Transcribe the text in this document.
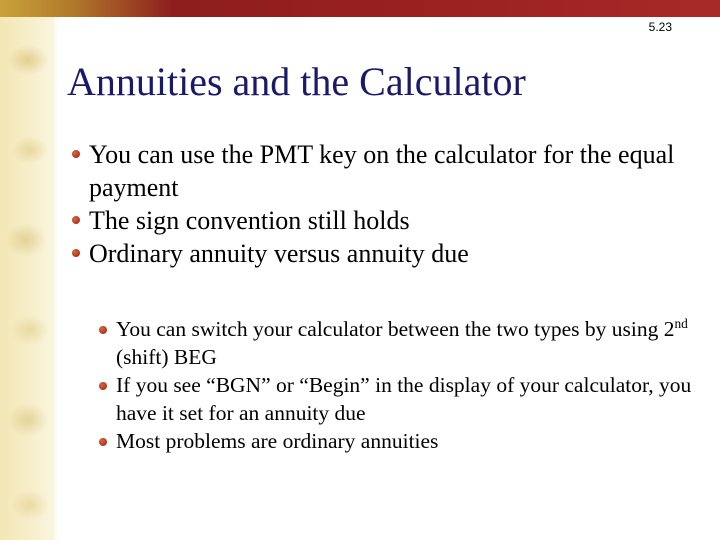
5.23
Annuities and the Calculator
You can use the PMT key on the calculator for the equal payment
The sign convention still holds
Ordinary annuity versus annuity due
You can switch your calculator between the two types by using 2nd (shift) BEG
If you see “BGN” or “Begin” in the display of your calculator, you have it set for an annuity due
Most problems are ordinary annuities
